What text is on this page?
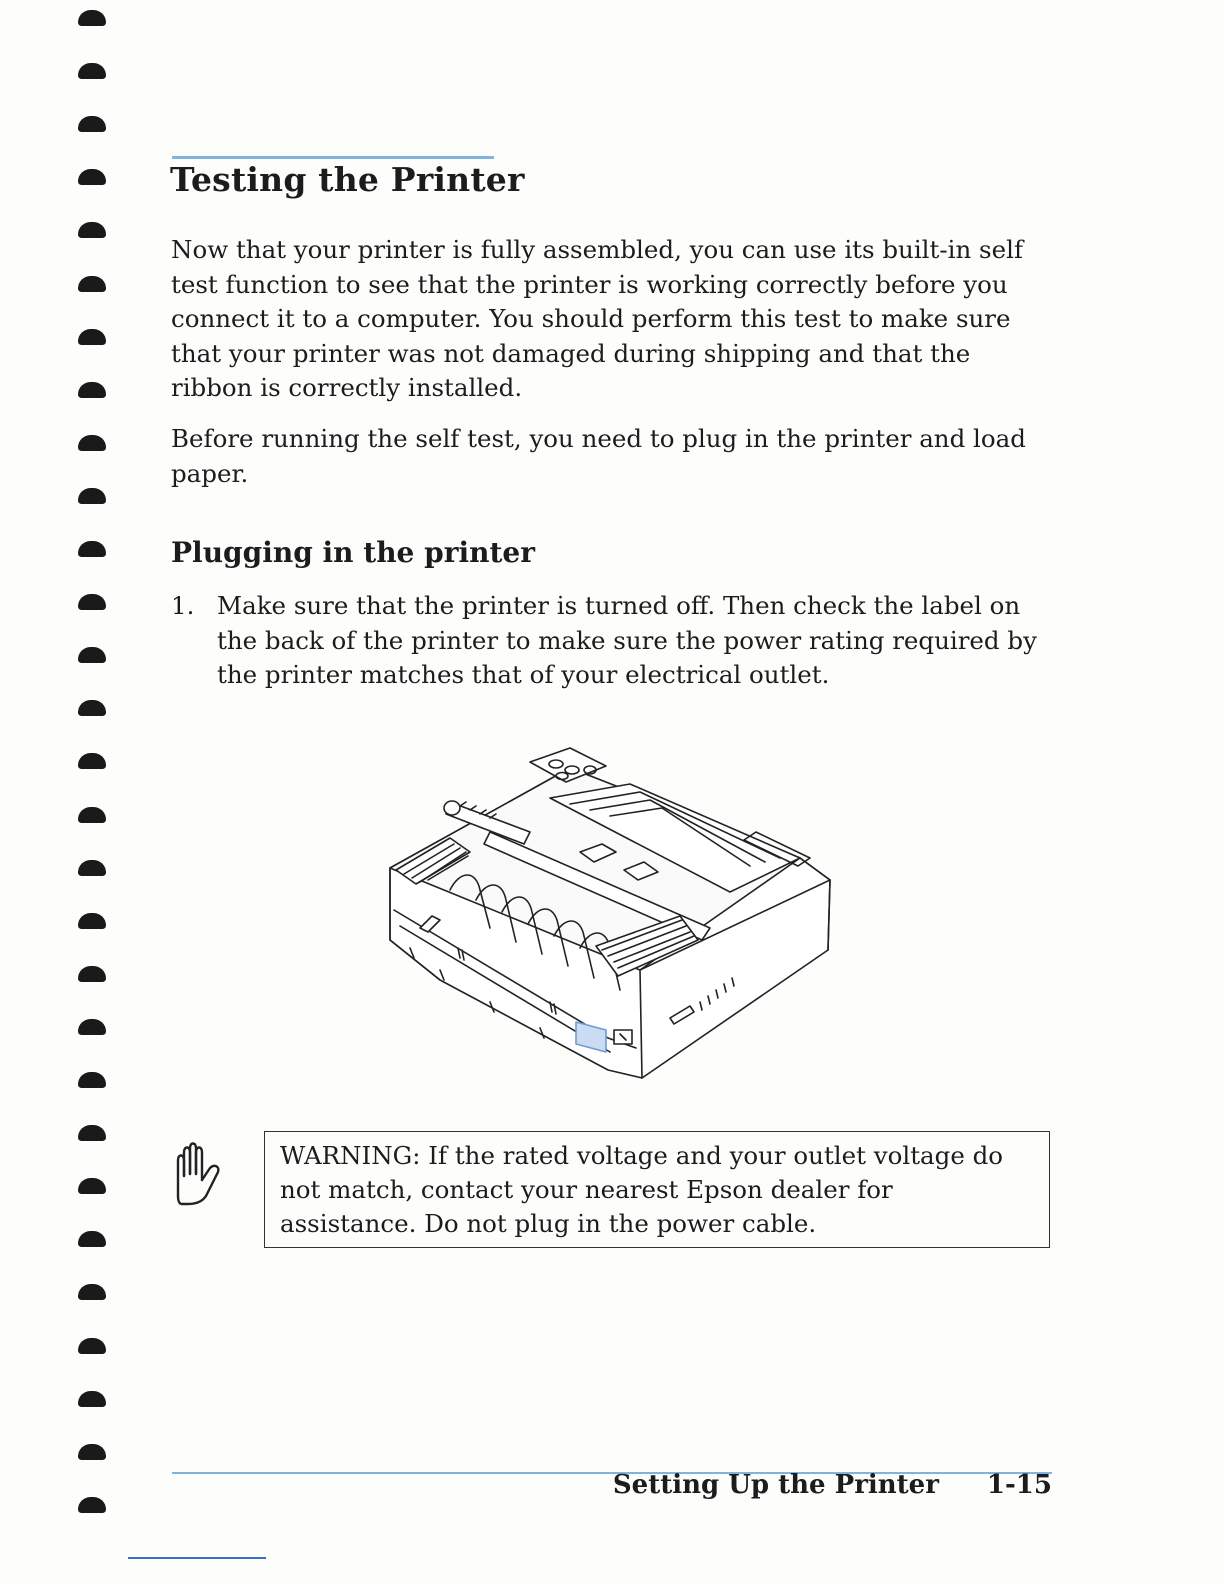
Testing the Printer

Now that your printer is fully assembled, you can use its built-in self test function to see that the printer is working correctly before you connect it to a computer. You should perform this test to make sure that your printer was not damaged during shipping and that the ribbon is correctly installed.

Before running the self test, you need to plug in the printer and load paper.

Plugging in the printer
1. Make sure that the printer is turned off. Then check the label on the back of the printer to make sure the power rating required by the printer matches that of your electrical outlet.
WARNING: If the rated voltage and your outlet voltage do not match, contact your nearest Epson dealer for assistance. Do not plug in the power cable.
Setting Up the Printer 1-15
